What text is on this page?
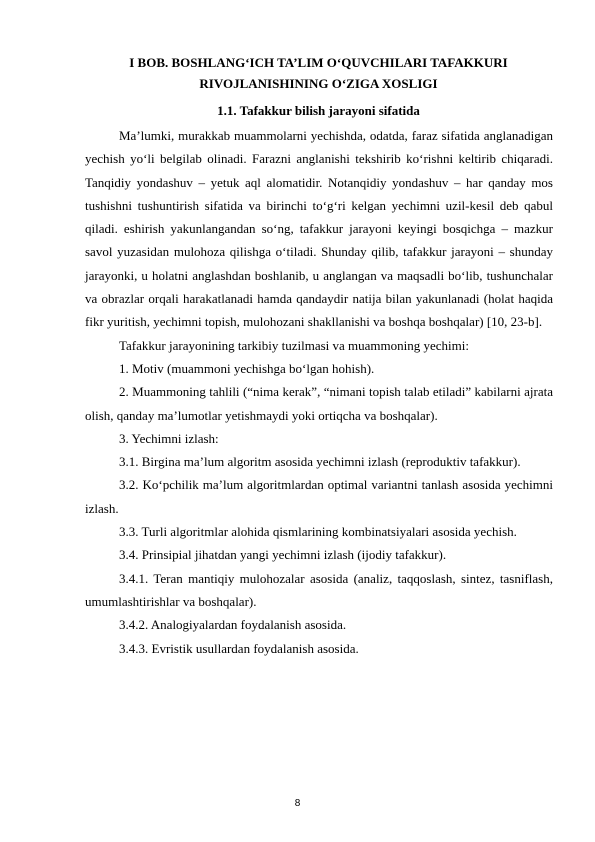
I BOB. BOSHLANG‘ICH TA’LIM O‘QUVCHILARI TAFAKKURI
RIVOJLANISHINING O‘ZIGA XOSLIGI
1.1. Tafakkur bilish jarayoni sifatida

Ma’lumki, murakkab muammolarni yechishda, odatda, faraz sifatida anglanadigan yechish yo‘li belgilab olinadi. Farazni anglanishi tekshirib ko‘rishni keltirib chiqaradi. Tanqidiy yondashuv – yetuk aql alomatidir. Notanqidiy yondashuv – har qanday mos tushishni tushuntirish sifatida va birinchi to‘g‘ri kelgan yechimni uzil-kesil deb qabul qiladi. eshirish yakunlangandan so‘ng, tafakkur jarayoni keyingi bosqichga – mazkur savol yuzasidan mulohoza qilishga o‘tiladi. Shunday qilib, tafakkur jarayoni – shunday jarayonki, u holatni anglashdan boshlanib, u anglangan va maqsadli bo‘lib, tushunchalar va obrazlar orqali harakatlanadi hamda qandaydir natija bilan yakunlanadi (holat haqida fikr yuritish, yechimni topish, mulohozani shakllanishi va boshqa boshqalar) [10, 23-b].

Tafakkur jarayonining tarkibiy tuzilmasi va muammoning yechimi:

1. Motiv (muammoni yechishga bo‘lgan hohish).

2. Muammoning tahlili (“nima kerak”, “nimani topish talab etiladi” kabilarni ajrata olish, qanday ma’lumotlar yetishmaydi yoki ortiqcha va boshqalar).

3. Yechimni izlash:

3.1. Birgina ma’lum algoritm asosida yechimni izlash (reproduktiv tafakkur).

3.2. Ko‘pchilik ma’lum algoritmlardan optimal variantni tanlash asosida yechimni izlash.

3.3. Turli algoritmlar alohida qismlarining kombinatsiyalari asosida yechish.

3.4. Prinsipial jihatdan yangi yechimni izlash (ijodiy tafakkur).

3.4.1. Teran mantiqiy mulohozalar asosida (analiz, taqqoslash, sintez, tasniflash, umumlashtirishlar va boshqalar).

3.4.2. Analogiyalardan foydalanish asosida.

3.4.3. Evristik usullardan foydalanish asosida.

8
